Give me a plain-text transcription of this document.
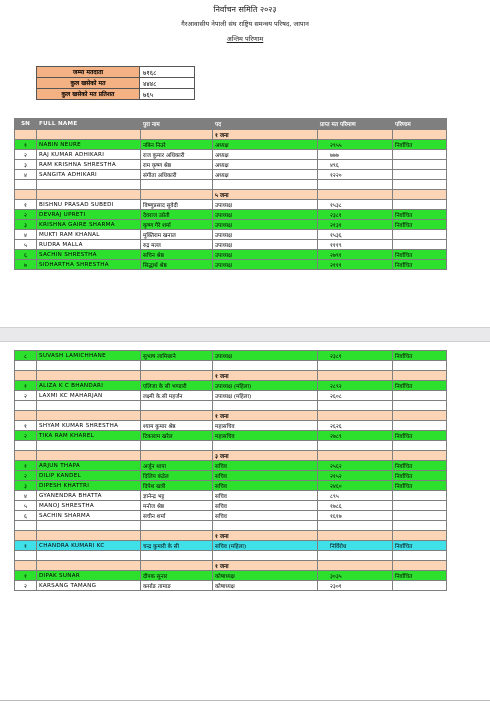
निर्वाचन समिति २०२३
गैरआवासीय नेपाली संघ राष्ट्रिय समन्वय परिषद, जापान
अन्तिम परिणाम
जम्मा मतदाता	७१६८
कुल खसेको मत	४४४८
कुल खसेको मत प्रतिशत	७६५
SN	FULL NAME	पुरा नाम	पद	प्राप्त मत परिमाण	परिणाम
			१ जना		
१	NABIN NEURE	नबिन निउरे	अध्यक्ष	२९५५	निर्वाचित
२	RAJ KUMAR ADHIKARI	राज कुमार अधिकारी	अध्यक्ष	७७७	
३	RAM KRISHNA SHRESTHA	राम कृष्ण श्रेष्ठ	अध्यक्ष	४९६	
४	SANGITA ADHIKARI	संगीता अधिकारी	अध्यक्ष	१२२०	

			५ जना		
१	BISHNU PRASAD SUBEDI	विष्णुप्रसाद सुवेदी	उपाध्यक्ष	१५३८	
२	DEVRAJ UPRETI	देवराज उप्रेती	उपाध्यक्ष	२३८१	निर्वाचित
३	KRISHNA GAIRE SHARMA	कृष्ण गैरे शर्मा	उपाध्यक्ष	२१३१	निर्वाचित
४	MUKTI RAM KHANAL	मुक्तिराम खनाल	उपाध्यक्ष	१५३६	
५	RUDRA MALLA	रुद्र मल्ल	उपाध्यक्ष	१११९	
६	SACHIN SHRESTHA	सचिन श्रेष्ठ	उपाध्यक्ष	२७९१	निर्वाचित
७	SIDHARTHA SHRESTHA	सिद्धार्थ श्रेष्ठ	उपाध्यक्ष	२१११	निर्वाचित
८	SUVASH LAMICHHANE	सुभाष लामिछाने	उपाध्यक्ष	२३८१	निर्वाचित

			१ जना		
१	ALIZA K C BHANDARI	एलिजा के सी भण्डारी	उपाध्यक्ष (महिला)	२८९२	निर्वाचित
२	LAXMI KC MAHARJAN	लक्ष्मी के.सी महर्जन	उपाध्यक्ष (महिला)	२६०८	

			१ जना		
१	SHYAM KUMAR SHRESTHA	श्याम कुमार श्रेष्ठ	महासचिव	२६२६	
२	TIKA RAM KHAREL	टिकाराम खरेल	महासचिव	२७८९	निर्वाचित

			३ जना		
१	ARJUN THAPA	अर्जुन थापा	सचिव	२५६२	निर्वाचित
२	DILIP KANDEL	दिलिप कंडेल	सचिव	२१५२	निर्वाचित
३	DIPESH KHATTRI	दिपेश खत्री	सचिव	२४६०	निर्वाचित
४	GYANENDRA BHATTA	ज्ञानेन्द्र भट्ट	सचिव	८९५	
५	MANOJ SHRESTHA	मनोज श्रेष्ठ	सचिव	१७८६	
६	SACHIN SHARMA	सचीन शर्मा	सचिव	१६१७	

			१ जना		
१	CHANDRA KUMARI KC	चन्द्र कुमारी के सी	सचिव (महिला)	निर्विरोध	निर्वाचित

			१ जना		
१	DIPAK SUNAR	दीपक सुनार	कोषाध्यक्ष	३०३५	निर्वाचित
२	KARSANG TAMANG	कर्साङ तामाङ	कोषाध्यक्ष	२३०१	
